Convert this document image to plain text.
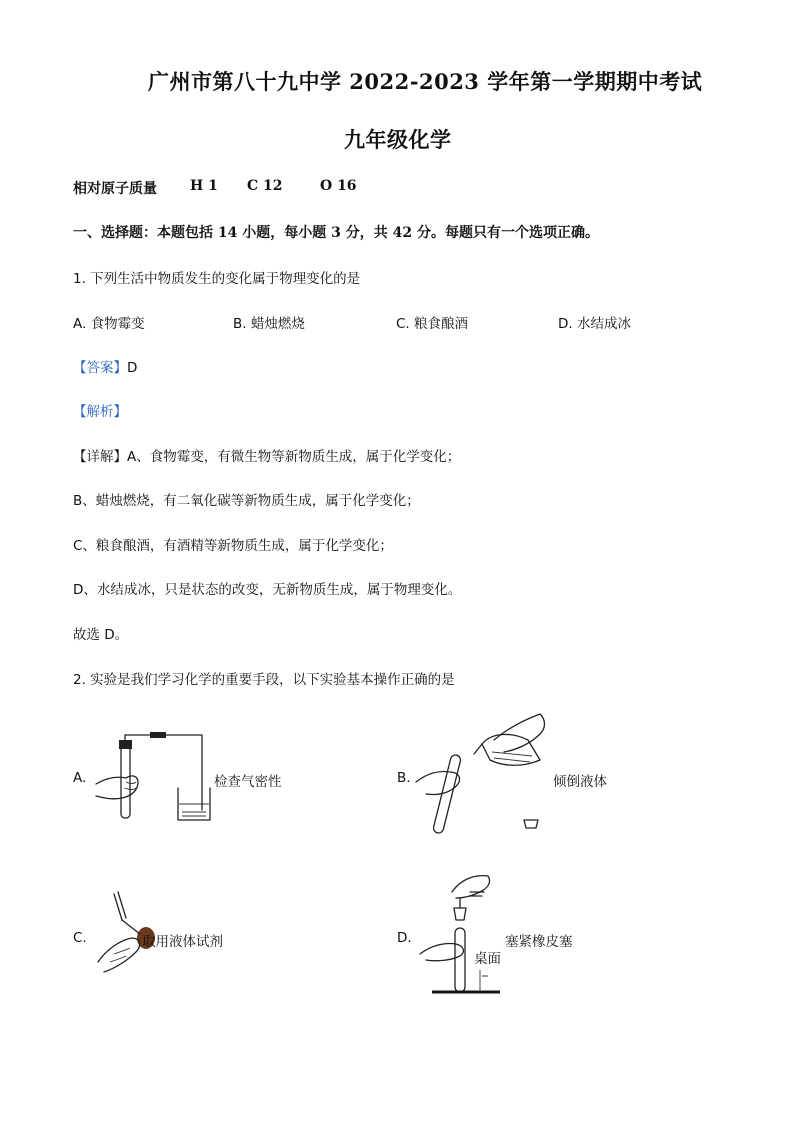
广州市第八十九中学 2022-2023 学年第一学期期中考试
九年级化学
相对原子质量 H 1 C 12	O 16
一、选择题：本题包括 14 小题，每小题 3 分，共 42 分。每题只有一个选项正确。
1. 下列生活中物质发生的变化属于物理变化的是
A. 食物霉变	B. 蜡烛燃烧	C. 粮食酿酒	D. 水结成冰
【答案】D
【解析】
【详解】A、食物霉变，有微生物等新物质生成，属于化学变化；
B、蜡烛燃烧，有二氧化碳等新物质生成，属于化学变化；
C、粮食酿酒，有酒精等新物质生成，属于化学变化；
D、水结成冰，只是状态的改变，无新物质生成，属于物理变化。
故选 D。
2. 实验是我们学习化学的重要手段，以下实验基本操作正确的是
A.	检查气密性	B.	倾倒液体
C.	取用液体试剂	D.	塞紧橡皮塞
桌面
